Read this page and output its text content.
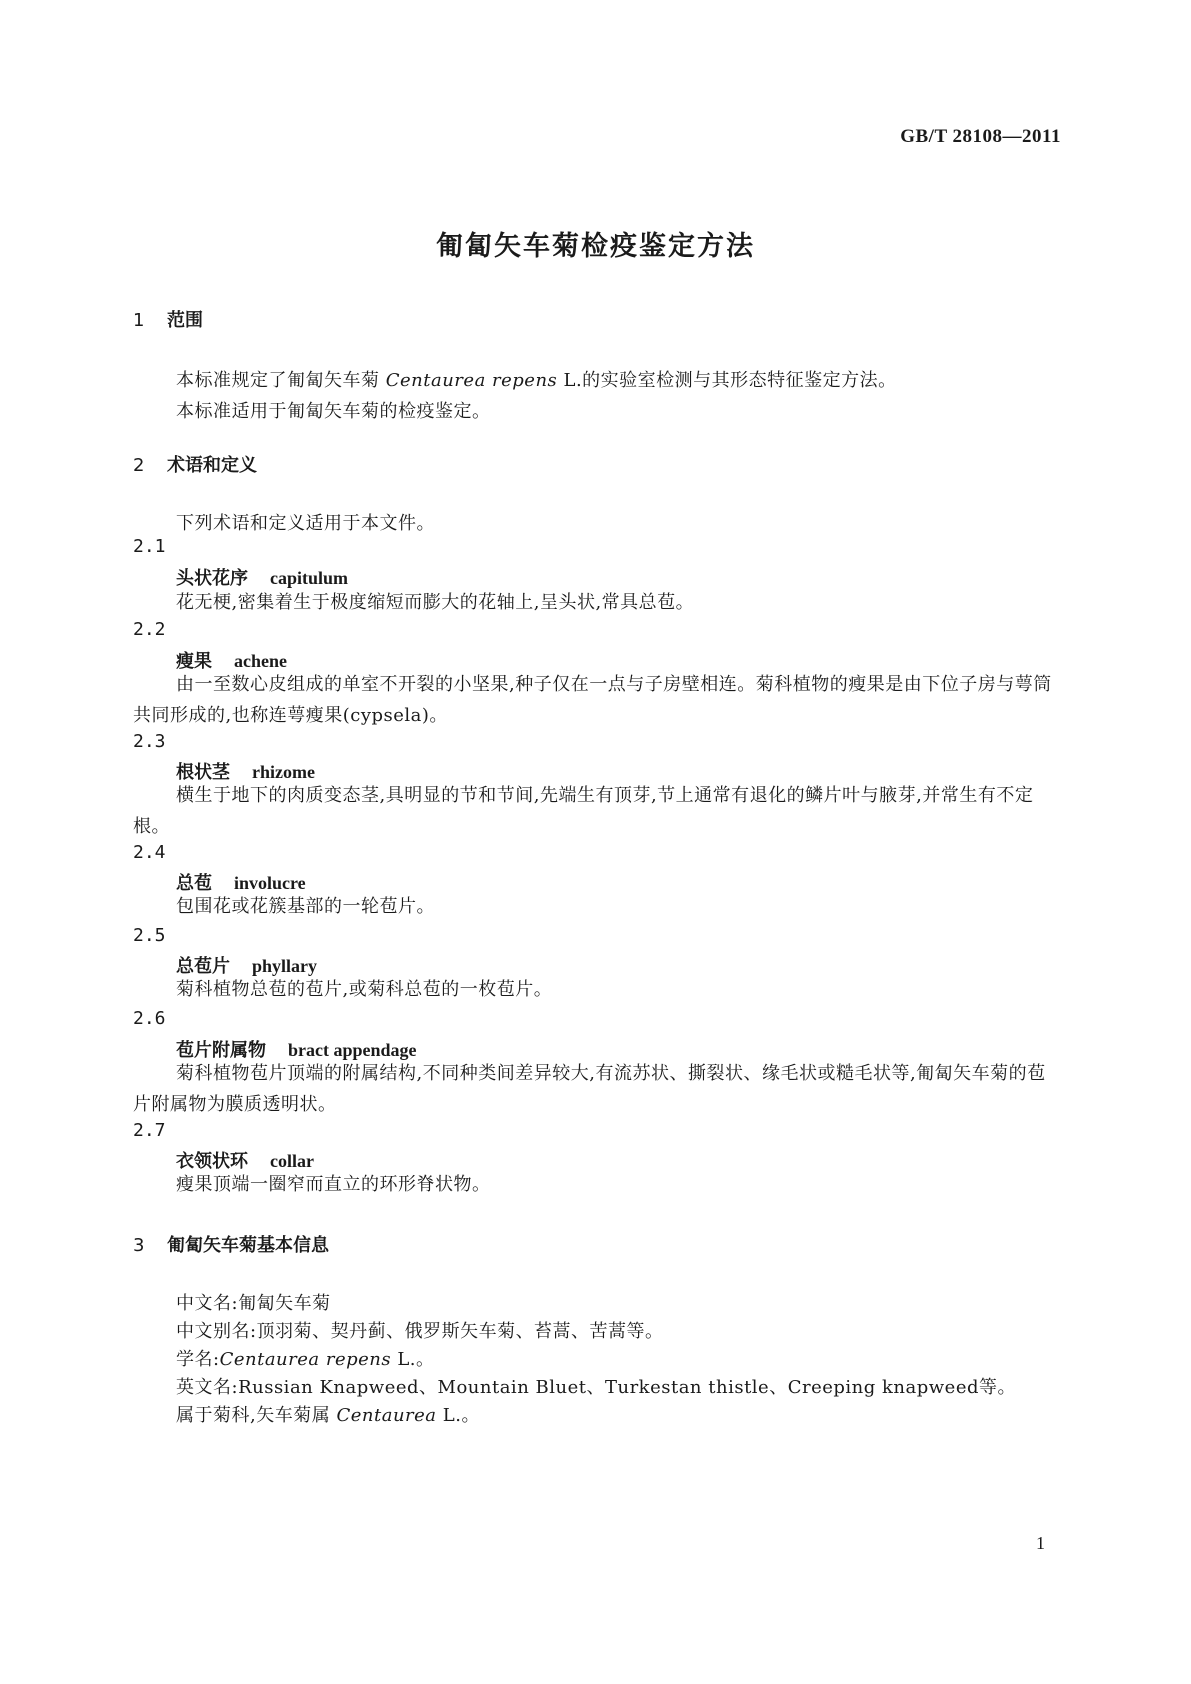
GB/T 28108—2011
匍匐矢车菊检疫鉴定方法
1 范围
本标准规定了匍匐矢车菊 Centaurea repens L.的实验室检测与其形态特征鉴定方法。
本标准适用于匍匐矢车菊的检疫鉴定。
2 术语和定义
下列术语和定义适用于本文件。
2.1
头状花序 capitulum
花无梗,密集着生于极度缩短而膨大的花轴上,呈头状,常具总苞。
2.2
瘦果 achene
由一至数心皮组成的单室不开裂的小坚果,种子仅在一点与子房壁相连。菊科植物的瘦果是由下位子房与萼筒共同形成的,也称连萼瘦果(cypsela)。
2.3
根状茎 rhizome
横生于地下的肉质变态茎,具明显的节和节间,先端生有顶芽,节上通常有退化的鳞片叶与腋芽,并常生有不定根。
2.4
总苞 involucre
包围花或花簇基部的一轮苞片。
2.5
总苞片 phyllary
菊科植物总苞的苞片,或菊科总苞的一枚苞片。
2.6
苞片附属物 bract appendage
菊科植物苞片顶端的附属结构,不同种类间差异较大,有流苏状、撕裂状、缘毛状或糙毛状等,匍匐矢车菊的苞片附属物为膜质透明状。
2.7
衣领状环 collar
瘦果顶端一圈窄而直立的环形脊状物。
3 匍匐矢车菊基本信息
中文名:匍匐矢车菊
中文别名:顶羽菊、契丹蓟、俄罗斯矢车菊、苔蒿、苦蒿等。
学名:Centaurea repens L.。
英文名:Russian Knapweed、Mountain Bluet、Turkestan thistle、Creeping knapweed等。
属于菊科,矢车菊属 Centaurea L.。
1
